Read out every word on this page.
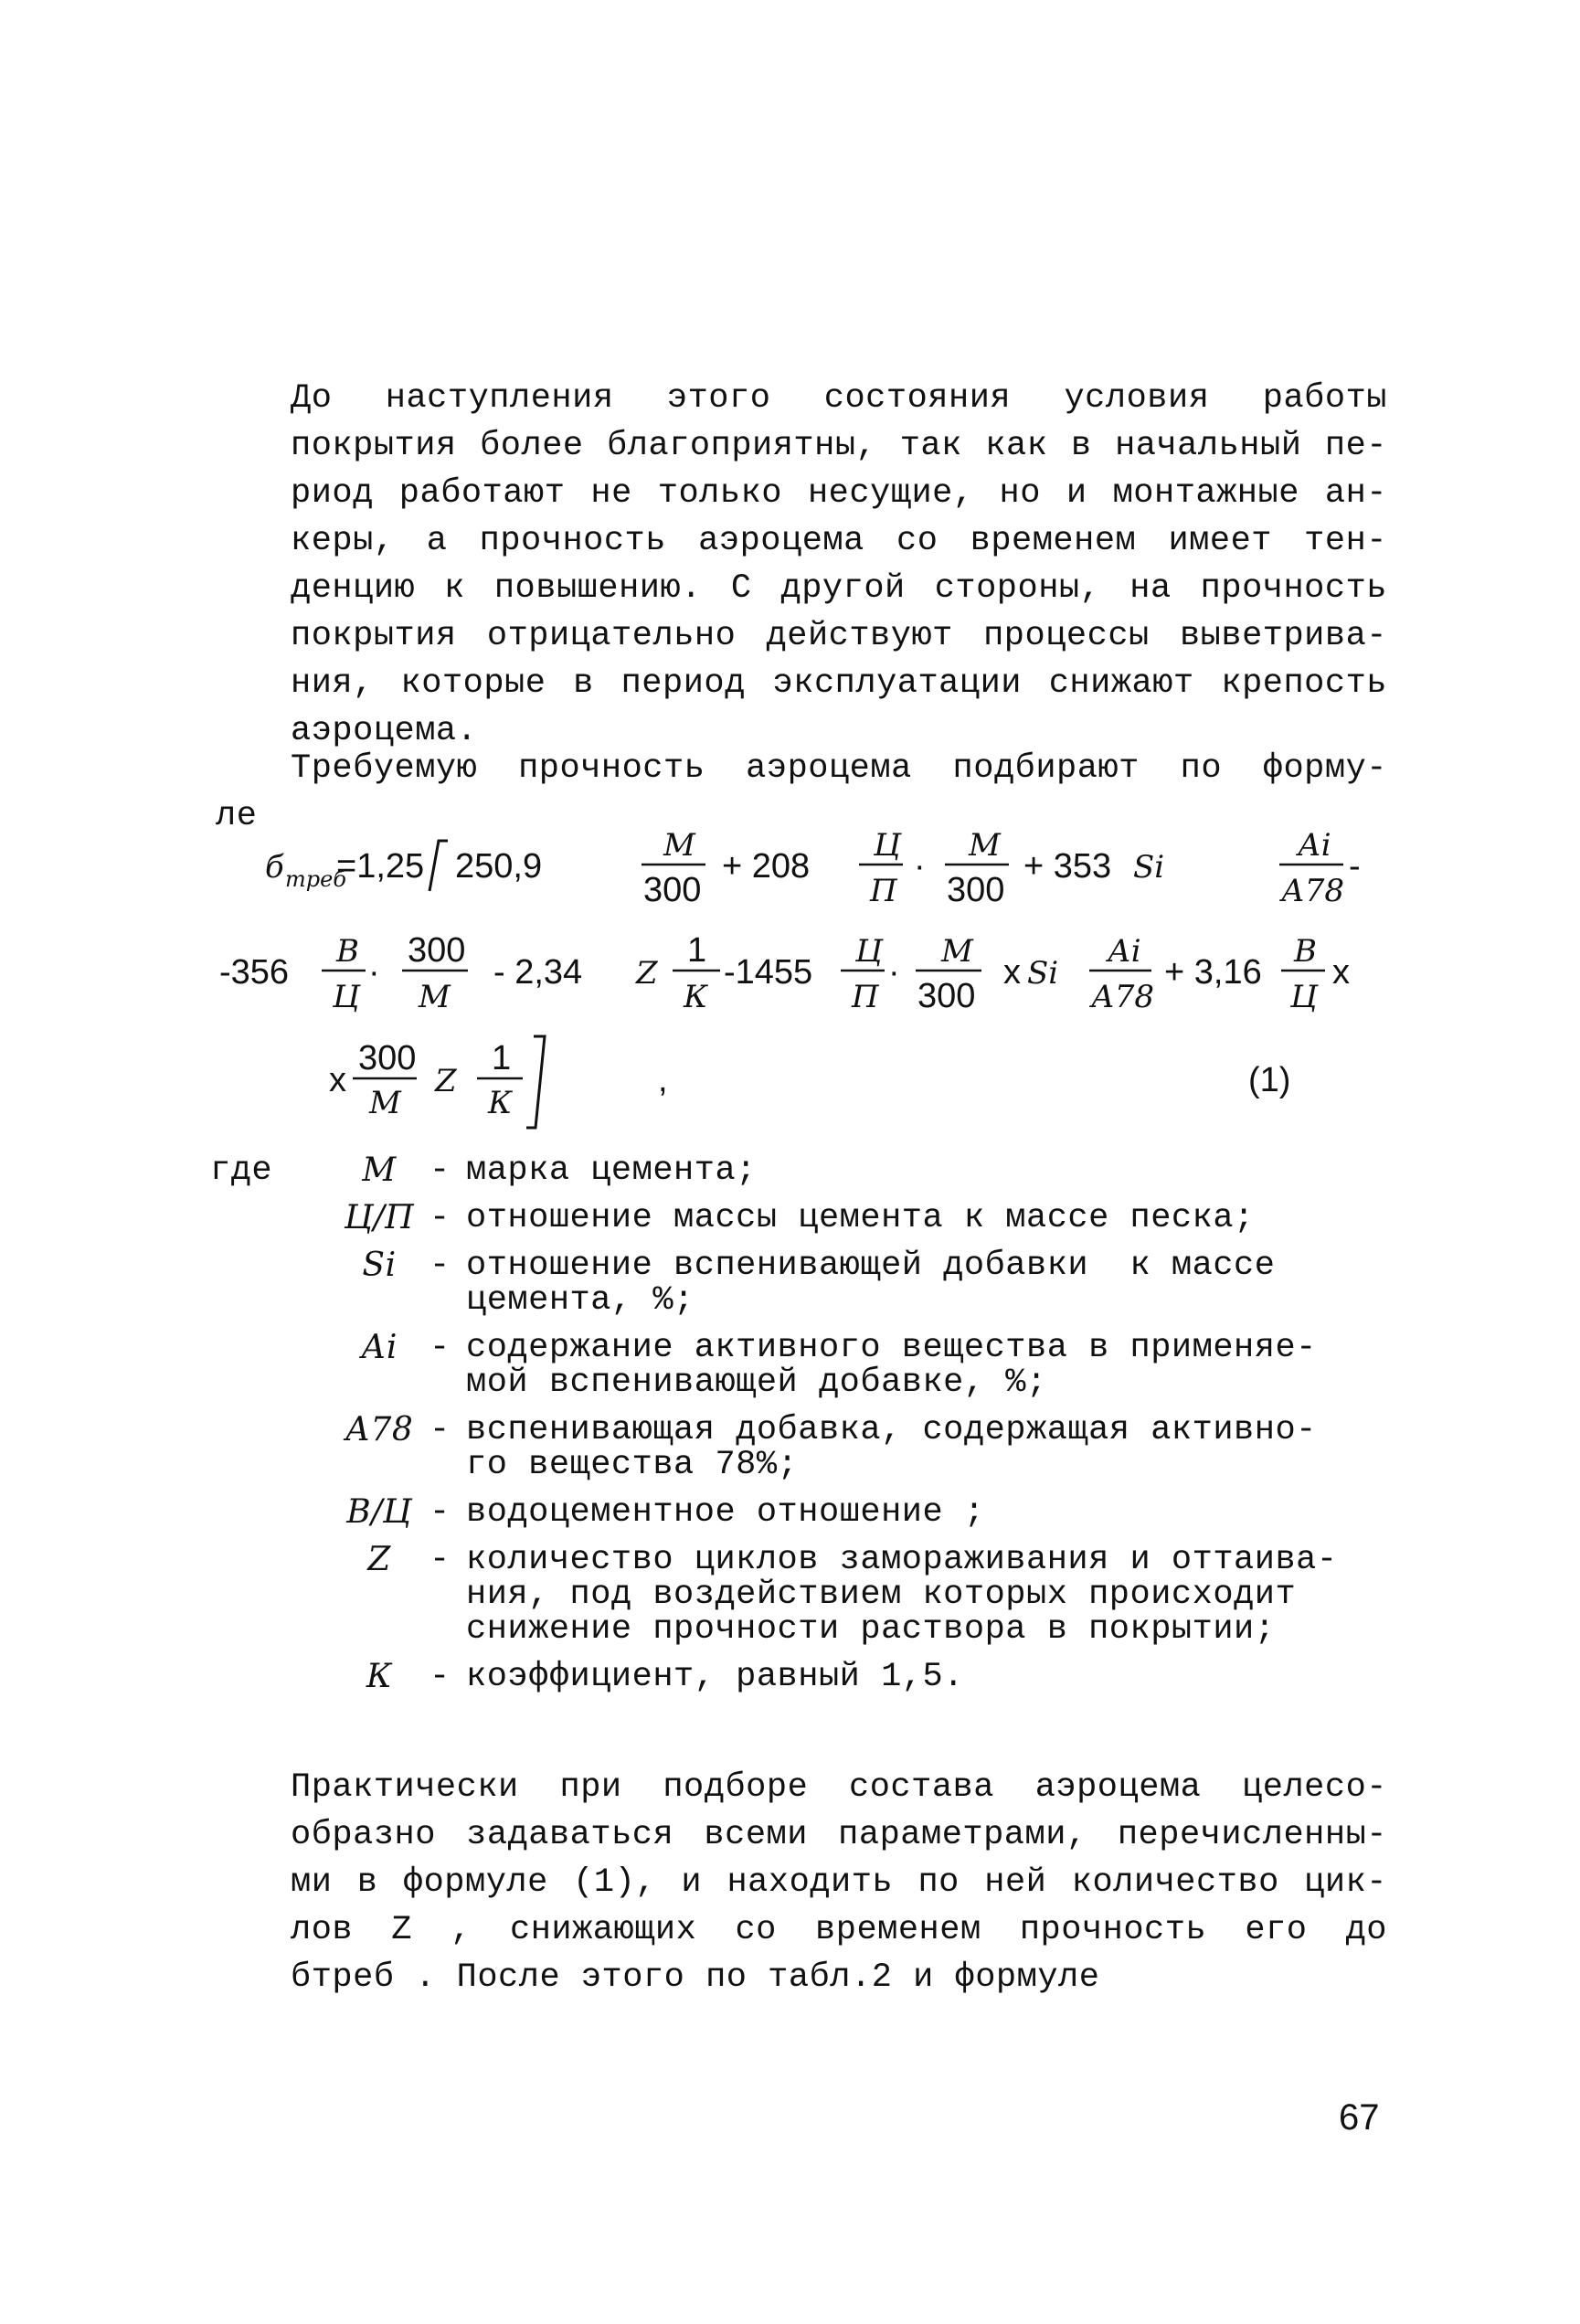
До наступления этого состояния условия работы
покрытия более благоприятны, так как в начальный пе-
риод работают не только несущие, но и монтажные ан-
керы, а прочность аэроцема со временем имеет тен-
денцию к повышению. С другой стороны, на прочность
покрытия отрицательно действуют процессы выветрива-
ния, которые в период эксплуатации снижают крепость
аэроцема.
Требуемую прочность аэроцема подбирают по форму-
ле
б треб
=1,25 250,9
М
300
+ 208
Ц
П
·
М
300
+ 353 Si
Аi
А78
-
-356
В
Ц
·
300
М
- 2,34 Z
1
К
-1455
Ц
П
·
М
300
х Si
Аi
А78
+ 3,16
В
Ц
х
х
300
М
Z
1
К
,	(1)
где	М - марка цемента;
Ц/П - отношение массы цемента к массе песка;
Si - отношение вспенивающей добавки  к массе
цемента, %;
Аi - содержание активного вещества в применяе-
мой вспенивающей добавке, %;
А78 - вспенивающая добавка, содержащая активно-
го вещества 78%;
В/Ц - водоцементное отношение ;
Z	- количество циклов замораживания и оттаива-
ния, под воздействием которых происходит
снижение прочности раствора в покрытии;
К	- коэффициент, равный 1,5.
Практически при подборе состава аэроцема целесо-
образно задаваться всеми параметрами, перечисленны-
ми в формуле (1), и находить по ней количество цик-
лов Z , снижающих со временем прочность его до
бтреб . После этого по табл.2 и формуле
67
